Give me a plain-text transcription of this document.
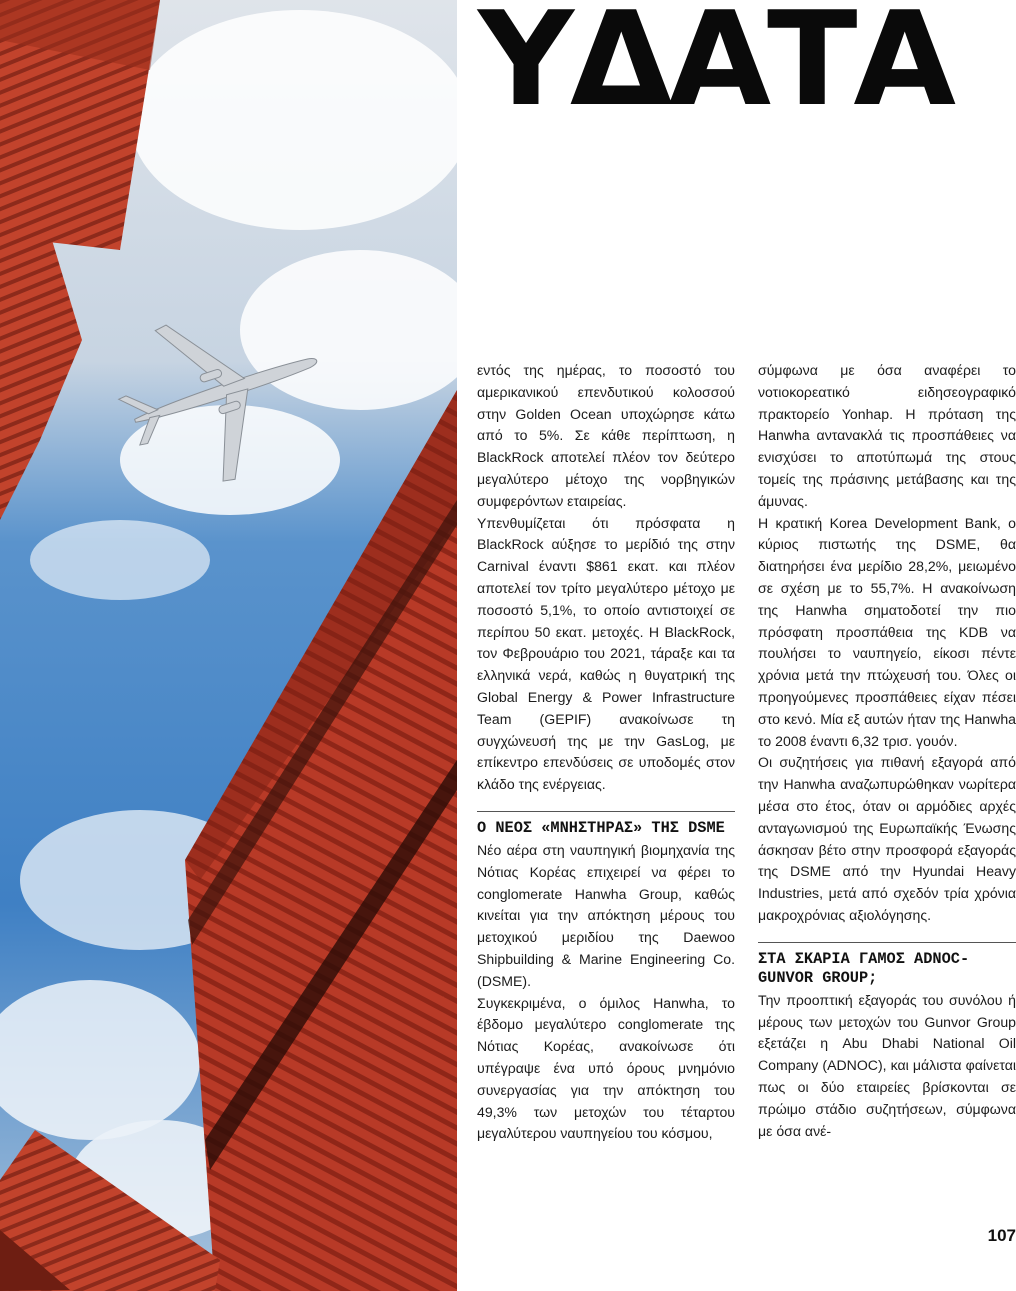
ΥΔΑΤΑ

εντός της ημέρας, το ποσοστό του αμερικανικού επενδυτικού κολοσσού στην Golden Ocean υποχώρησε κάτω από το 5%. Σε κάθε περίπτωση, η BlackRock αποτελεί πλέον τον δεύτερο μεγαλύτερο μέτοχο της νορβηγικών συμφερόντων εταιρείας.

Υπενθυμίζεται ότι πρόσφατα η BlackRock αύξησε το μερίδιό της στην Carnival έναντι $861 εκατ. και πλέον αποτελεί τον τρίτο μεγαλύτερο μέτοχο με ποσοστό 5,1%, το οποίο αντιστοιχεί σε περίπου 50 εκατ. μετοχές. Η BlackRock, τον Φεβρουάριο του 2021, τάραξε και τα ελληνικά νερά, καθώς η θυγατρική της Global Energy & Power Infrastructure Team (GEPIF) ανακοίνωσε τη συγχώνευσή της με την GasLog, με επίκεντρο επενδύσεις σε υποδομές στον κλάδο της ενέργειας.

Ο ΝΕΟΣ «ΜΝΗΣΤΗΡΑΣ» ΤΗΣ DSME

Νέο αέρα στη ναυπηγική βιομηχανία της Νότιας Κορέας επιχειρεί να φέρει το conglomerate Hanwha Group, καθώς κινείται για την απόκτηση μέρους του μετοχικού μεριδίου της Daewoo Shipbuilding & Marine Engineering Co. (DSME).

Συγκεκριμένα, ο όμιλος Hanwha, το έβδομο μεγαλύτερο conglomerate της Νότιας Κορέας, ανακοίνωσε ότι υπέγραψε ένα υπό όρους μνημόνιο συνεργασίας για την απόκτηση του 49,3% των μετοχών του τέταρτου μεγαλύτερου ναυπηγείου του κόσμου,

σύμφωνα με όσα αναφέρει το νοτιοκορεατικό ειδησεογραφικό πρακτορείο Yonhap. Η πρόταση της Hanwha αντανακλά τις προσπάθειες να ενισχύσει το αποτύπωμά της στους τομείς της πράσινης μετάβασης και της άμυνας.

Η κρατική Korea Development Bank, ο κύριος πιστωτής της DSME, θα διατηρήσει ένα μερίδιο 28,2%, μειωμένο σε σχέση με το 55,7%. Η ανακοίνωση της Hanwha σηματοδοτεί την πιο πρόσφατη προσπάθεια της KDB να πουλήσει το ναυπηγείο, είκοσι πέντε χρόνια μετά την πτώχευσή του. Όλες οι προηγούμενες προσπάθειες είχαν πέσει στο κενό. Μία εξ αυτών ήταν της Hanwha το 2008 έναντι 6,32 τρισ. γουόν.

Οι συζητήσεις για πιθανή εξαγορά από την Hanwha αναζωπυρώθηκαν νωρίτερα μέσα στο έτος, όταν οι αρμόδιες αρχές ανταγωνισμού της Ευρωπαϊκής Ένωσης άσκησαν βέτο στην προσφορά εξαγοράς της DSME από την Hyundai Heavy Industries, μετά από σχεδόν τρία χρόνια μακροχρόνιας αξιολόγησης.

ΣΤΑ ΣΚΑΡΙΑ ΓΑΜΟΣ ADNOC-GUNVOR GROUP;

Την προοπτική εξαγοράς του συνόλου ή μέρους των μετοχών του Gunvor Group εξετάζει η Abu Dhabi National Oil Company (ADNOC), και μάλιστα φαίνεται πως οι δύο εταιρείες βρίσκονται σε πρώιμο στάδιο συζητήσεων, σύμφωνα με όσα ανέ-

107
